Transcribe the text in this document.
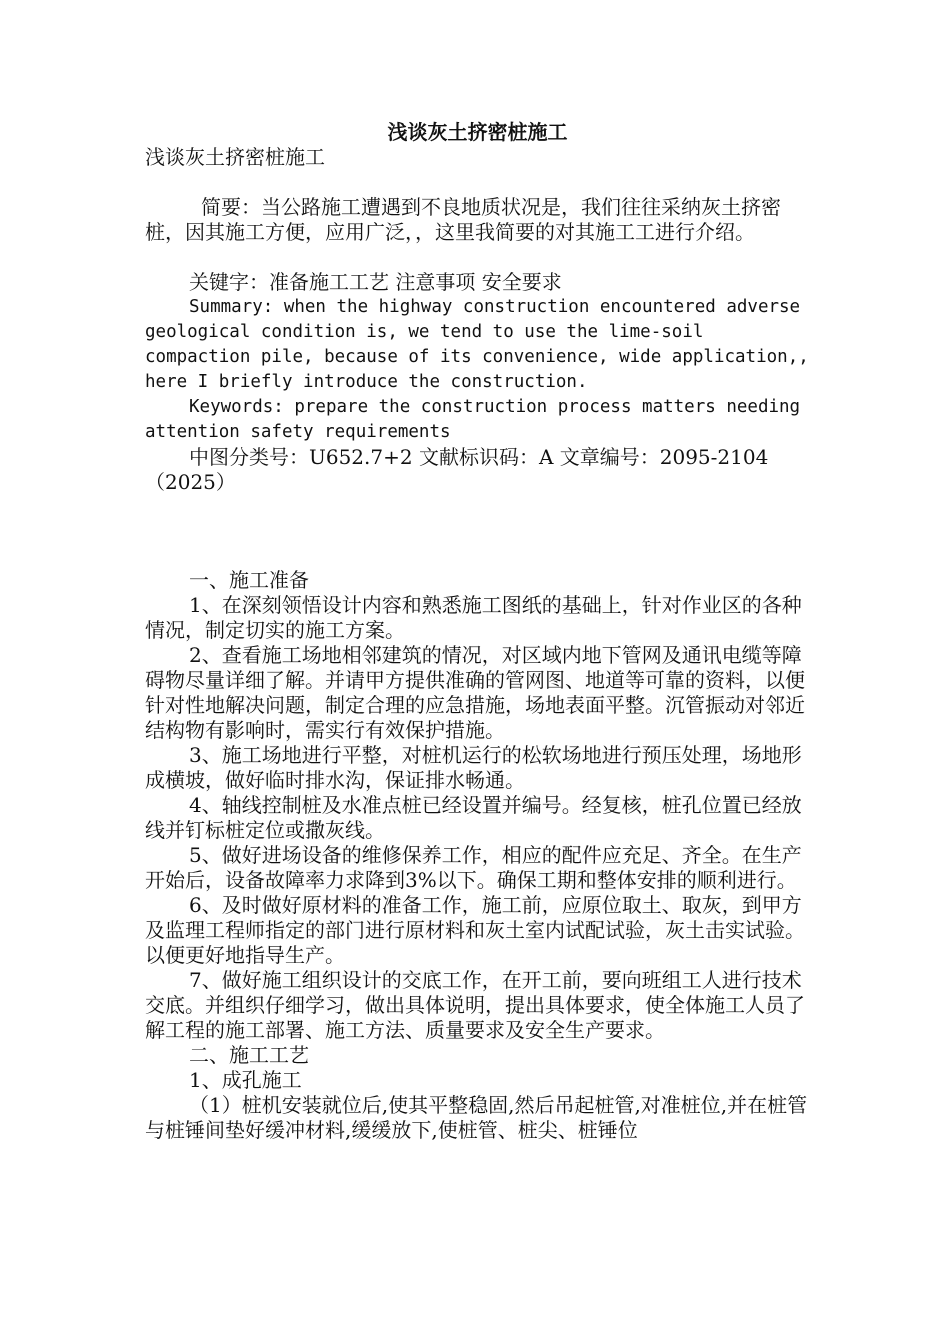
浅谈灰土挤密桩施工

浅谈灰土挤密桩施工

简要：当公路施工遭遇到不良地质状况是，我们往往采纳灰土挤密桩，因其施工方便，应用广泛，，这里我简要的对其施工工进行介绍。

关键字：准备施工工艺 注意事项 安全要求

Summary: when the highway construction encountered adverse geological condition is, we tend to use the lime-soil compaction pile, because of its convenience, wide application,, here I briefly introduce the construction.

Keywords: prepare the construction process matters needing attention safety requirements

中图分类号：U652.7+2 文献标识码：A 文章编号：2095-2104（2025）

一、施工准备

1、在深刻领悟设计内容和熟悉施工图纸的基础上，针对作业区的各种情况，制定切实的施工方案。

2、查看施工场地相邻建筑的情况，对区域内地下管网及通讯电缆等障碍物尽量详细了解。并请甲方提供准确的管网图、地道等可靠的资料，以便针对性地解决问题，制定合理的应急措施，场地表面平整。沉管振动对邻近结构物有影响时，需实行有效保护措施。

3、施工场地进行平整，对桩机运行的松软场地进行预压处理，场地形成横坡，做好临时排水沟，保证排水畅通。

4、轴线控制桩及水准点桩已经设置并编号。经复核，桩孔位置已经放线并钉标桩定位或撒灰线。

5、做好进场设备的维修保养工作，相应的配件应充足、齐全。在生产开始后，设备故障率力求降到3%以下。确保工期和整体安排的顺利进行。

6、及时做好原材料的准备工作，施工前，应原位取土、取灰，到甲方及监理工程师指定的部门进行原材料和灰土室内试配试验，灰土击实试验。以便更好地指导生产。

7、做好施工组织设计的交底工作，在开工前，要向班组工人进行技术交底。并组织仔细学习，做出具体说明，提出具体要求，使全体施工人员了解工程的施工部署、施工方法、质量要求及安全生产要求。

二、施工工艺

1、成孔施工

（1）桩机安装就位后,使其平整稳固,然后吊起桩管,对准桩位,并在桩管与桩锤间垫好缓冲材料,缓缓放下,使桩管、桩尖、桩锤位
